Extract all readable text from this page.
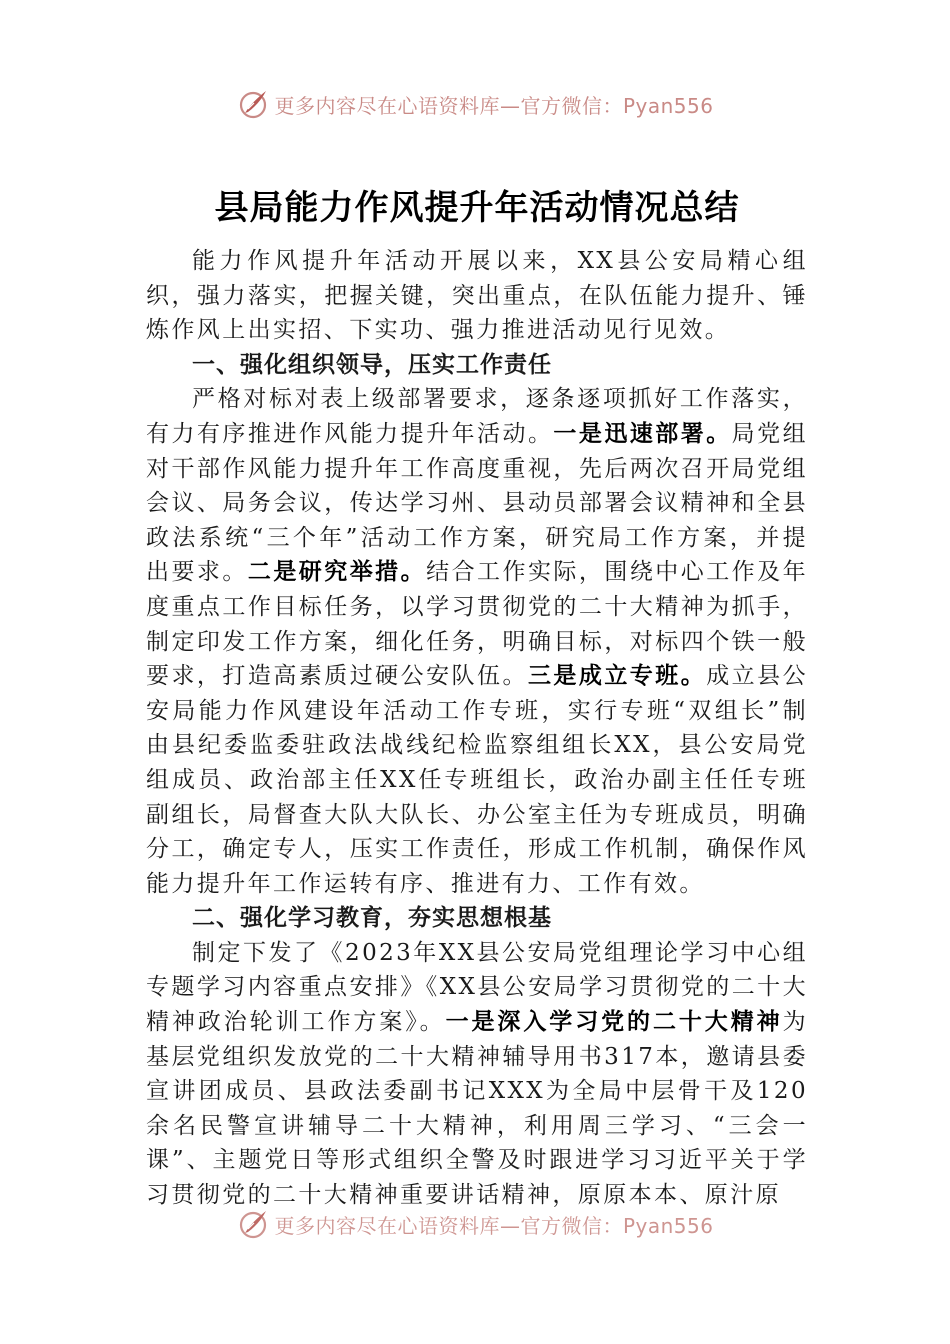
更多内容尽在心语资料库—官方微信：Pyan556
县局能力作风提升年活动情况总结

能力作风提升年活动开展以来，XX县公安局精心组织，强力落实，把握关键，突出重点，在队伍能力提升、锤炼作风上出实招、下实功、强力推进活动见行见效。

一、强化组织领导，压实工作责任

严格对标对表上级部署要求，逐条逐项抓好工作落实，有力有序推进作风能力提升年活动。一是迅速部署。局党组对干部作风能力提升年工作高度重视，先后两次召开局党组会议、局务会议，传达学习州、县动员部署会议精神和全县政法系统“三个年”活动工作方案，研究局工作方案，并提出要求。二是研究举措。结合工作实际，围绕中心工作及年度重点工作目标任务，以学习贯彻党的二十大精神为抓手，制定印发工作方案，细化任务，明确目标，对标四个铁一般要求，打造高素质过硬公安队伍。三是成立专班。成立县公安局能力作风建设年活动工作专班，实行专班“双组长”制由县纪委监委驻政法战线纪检监察组组长XX，县公安局党组成员、政治部主任XX任专班组长，政治办副主任任专班副组长，局督查大队大队长、办公室主任为专班成员，明确分工，确定专人，压实工作责任，形成工作机制，确保作风能力提升年工作运转有序、推进有力、工作有效。

二、强化学习教育，夯实思想根基

制定下发了《2023年XX县公安局党组理论学习中心组专题学习内容重点安排》《XX县公安局学习贯彻党的二十大精神政治轮训工作方案》。一是深入学习党的二十大精神为基层党组织发放党的二十大精神辅导用书317本，邀请县委宣讲团成员、县政法委副书记XXX为全局中层骨干及120余名民警宣讲辅导二十大精神，利用周三学习、“三会一课”、主题党日等形式组织全警及时跟进学习习近平关于学习贯彻党的二十大精神重要讲话精神，原原本本、原汁原

更多内容尽在心语资料库—官方微信：Pyan556
